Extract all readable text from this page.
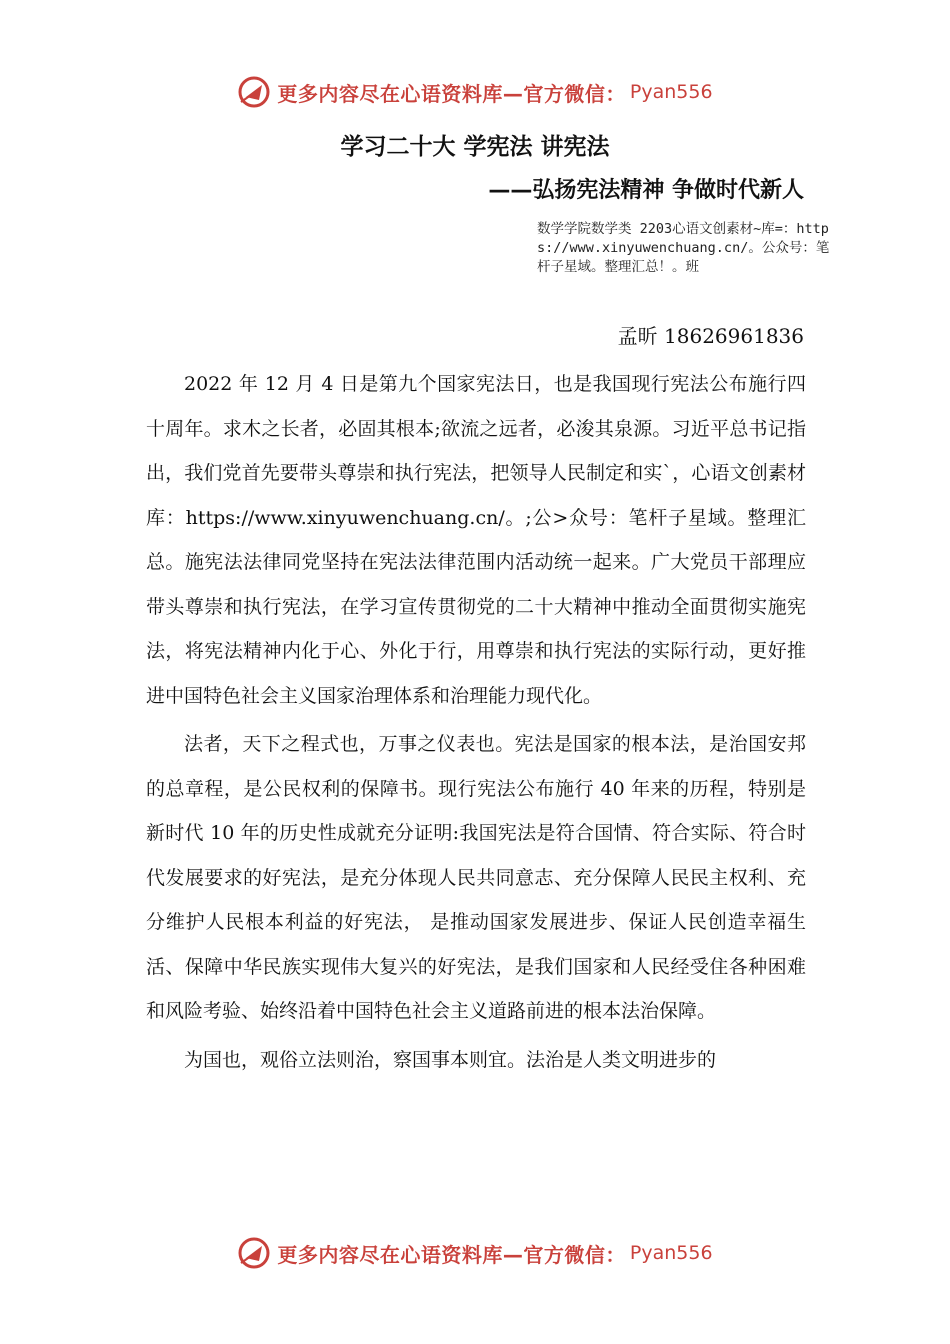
更多内容尽在心语资料库—官方微信： Pyan556
学习二十大 学宪法 讲宪法
——弘扬宪法精神 争做时代新人
数学学院数学类 2203心语文创素材~库=：https://www.xinyuwenchuang.cn/。公众号：笔杆子星域。整理汇总！。班
孟昕 18626961836

2022 年 12 月 4 日是第九个国家宪法日，也是我国现行宪法公布施行四十周年。求木之长者，必固其根本;欲流之远者，必浚其泉源。习近平总书记指出，我们党首先要带头尊崇和执行宪法，把领导人民制定和实`，心语文创素材库：https://www.xinyuwenchuang.cn/。;公>众号：笔杆子星域。整理汇总。施宪法法律同党坚持在宪法法律范围内活动统一起来。广大党员干部理应带头尊崇和执行宪法，在学习宣传贯彻党的二十大精神中推动全面贯彻实施宪法，将宪法精神内化于心、外化于行，用尊崇和执行宪法的实际行动，更好推进中国特色社会主义国家治理体系和治理能力现代化。

法者，天下之程式也，万事之仪表也。宪法是国家的根本法，是治国安邦的总章程，是公民权利的保障书。现行宪法公布施行 40 年来的历程，特别是新时代 10 年的历史性成就充分证明:我国宪法是符合国情、符合实际、符合时代发展要求的好宪法，是充分体现人民共同意志、充分保障人民民主权利、充分维护人民根本利益的好宪法， 是推动国家发展进步、保证人民创造幸福生活、保障中华民族实现伟大复兴的好宪法，是我们国家和人民经受住各种困难和风险考验、始终沿着中国特色社会主义道路前进的根本法治保障。

为国也，观俗立法则治，察国事本则宜。法治是人类文明进步的

更多内容尽在心语资料库—官方微信： Pyan556
